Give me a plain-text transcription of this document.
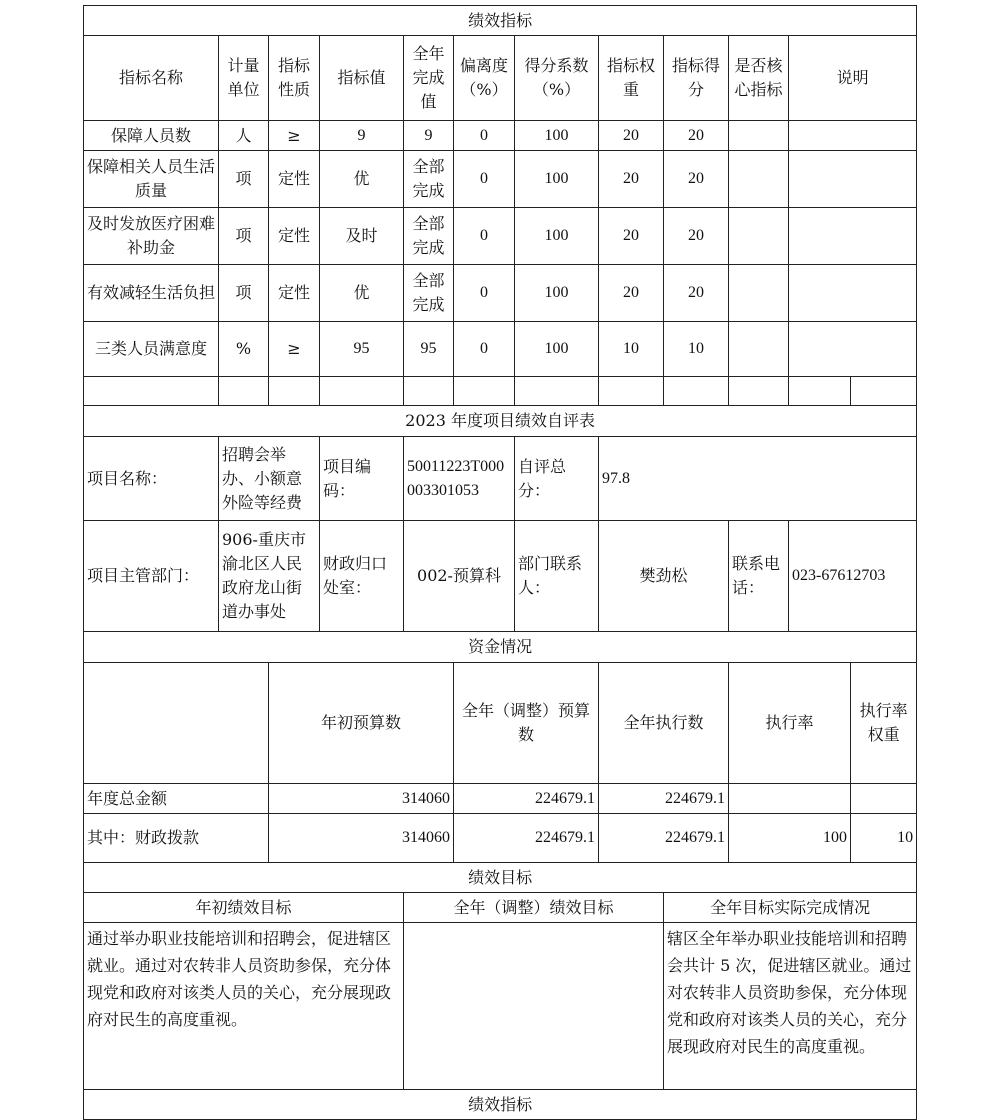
绩效指标												
指标名称	计量单位	指标性质	指标值	全年完成值	偏离度（%）	得分系数（%）	指标权重	指标得分	是否核心指标	说明		
保障人员数	人	≥	9	9	0	100	20	20				
保障相关人员生活质量	项	定性	优	全部完成	0	100	20	20				
及时发放医疗困难补助金	项	定性	及时	全部完成	0	100	20	20				
有效减轻生活负担	项	定性	优	全部完成	0	100	20	20				
三类人员满意度	%	≥	95	95	0	100	10	10				

2023 年度项目绩效自评表												
项目名称：	招聘会举办、小额意外险等经费		项目编码：	50011223T000003301053		自评总分：	97.8					
项目主管部门：	906-重庆市渝北区人民政府龙山街道办事处		财政归口处室：	002-预算科		部门联系人：	樊劲松		联系电话：	023-67612703		
资金情况												
		年初预算数			全年（调整）预算数		全年执行数		执行率		执行率权重	
年度总金额		314060			224679.1		224679.1					
其中：财政拨款		314060			224679.1		224679.1		100		10	
绩效目标												
年初绩效目标				全年（调整）绩效目标				全年目标实际完成情况				
通过举办职业技能培训和招聘会，促进辖区就业。通过对农转非人员资助参保，充分体现党和政府对该类人员的关心，充分展现政府对民生的高度重视。								辖区全年举办职业技能培训和招聘会共计 5 次，促进辖区就业。通过对农转非人员资助参保，充分体现党和政府对该类人员的关心，充分展现政府对民生的高度重视。				
绩效指标												
